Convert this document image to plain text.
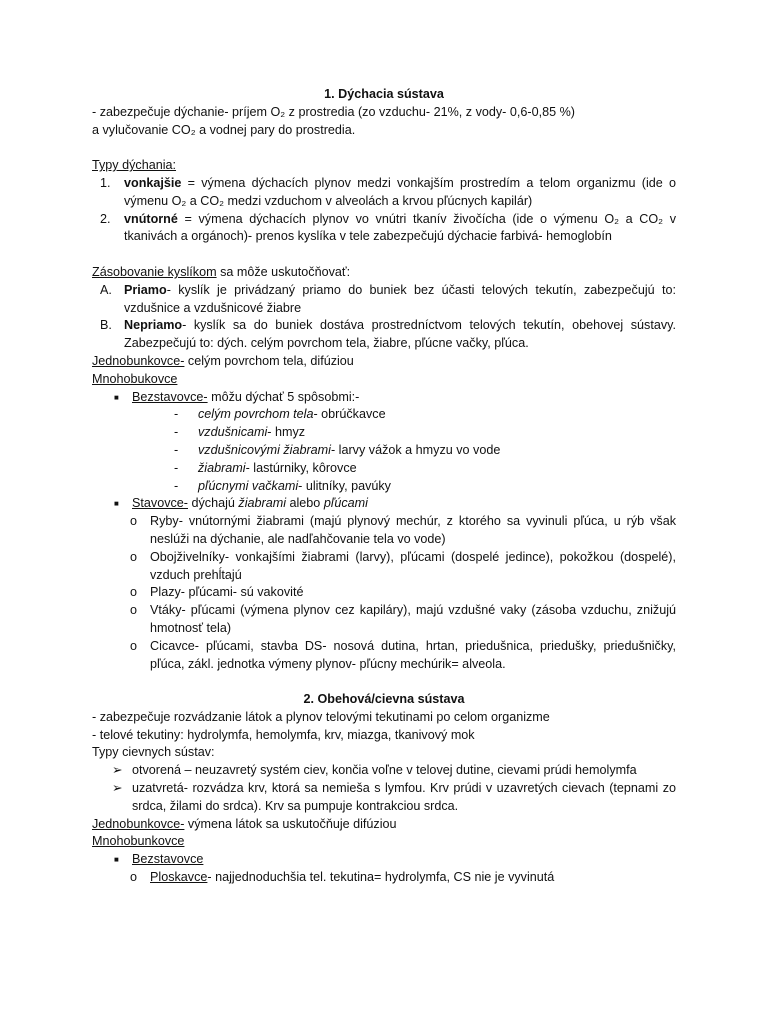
1. Dýchacia sústava
- zabezpečuje dýchanie- príjem O₂ z prostredia (zo vzduchu- 21%, z vody- 0,6-0,85 %)
a vylučovanie CO₂ a vodnej pary do prostredia.
Typy dýchania:
1. vonkajšie = výmena dýchacích plynov medzi vonkajším prostredím a telom organizmu (ide o výmenu O₂ a CO₂ medzi vzduchom v alveolách a krvou pľúcnych kapilár)
2. vnútorné = výmena dýchacích plynov vo vnútri tkanív živočícha (ide o výmenu O₂ a CO₂ v tkanivách a orgánoch)- prenos kyslíka v tele zabezpečujú dýchacie farbivá- hemoglobín
Zásobovanie kyslíkom sa môže uskutočňovať:
A. Priamo- kyslík je privádzaný priamo do buniek bez účasti telových tekutín, zabezpečujú to: vzdušnice a vzdušnicové žiabre
B. Nepriamo- kyslík sa do buniek dostáva prostredníctvom telových tekutín, obehovej sústavy. Zabezpečujú to: dých. celým povrchom tela, žiabre, pľúcne vačky, pľúca.
Jednobunkovce- celým povrchom tela, difúziou
Mnohobukovce
■ Bezstavovce- môžu dýchať 5 spôsobmi:-
- celým povrchom tela- obrúčkavce
- vzdušnicami- hmyz
- vzdušnicovými žiabrami- larvy vážok a hmyzu vo vode
- žiabrami- lastúrniky, kôrovce
- pľúcnymi vačkami- ulitníky, pavúky
■ Stavovce- dýchajú žiabrami alebo pľúcami
o Ryby- vnútornými žiabrami (majú plynový mechúr, z ktorého sa vyvinuli pľúca, u rýb však neslúži na dýchanie, ale nadľahčovanie tela vo vode)
o Obojživelníky- vonkajšími žiabrami (larvy), pľúcami (dospelé jedince), pokožkou (dospelé), vzduch prehĺtajú
o Plazy- pľúcami- sú vakovité
o Vtáky- pľúcami (výmena plynov cez kapiláry), majú vzdušné vaky (zásoba vzduchu, znižujú hmotnosť tela)
o Cicavce- pľúcami, stavba DS- nosová dutina, hrtan, priedušnica, priedušky, priedušničky, pľúca, zákl. jednotka výmeny plynov- pľúcny mechúrik= alveola.
2. Obehová/cievna sústava
- zabezpečuje rozvádzanie látok a plynov telovými tekutinami po celom organizme
- telové tekutiny: hydrolymfa, hemolymfa, krv, miazga, tkanivový mok
Typy cievnych sústav:
➢ otvorená – neuzavretý systém ciev, končia voľne v telovej dutine, cievami prúdi hemolymfa
➢ uzatvretá- rozvádza krv, ktorá sa nemieša s lymfou. Krv prúdi v uzavretých cievach (tepnami zo srdca, žilami do srdca). Krv sa pumpuje kontrakciou srdca.
Jednobunkovce- výmena látok sa uskutočňuje difúziou
Mnohobunkovce
■ Bezstavovce
o Ploskavce- najjednoduchšia tel. tekutina= hydrolymfa, CS nie je vyvinutá
